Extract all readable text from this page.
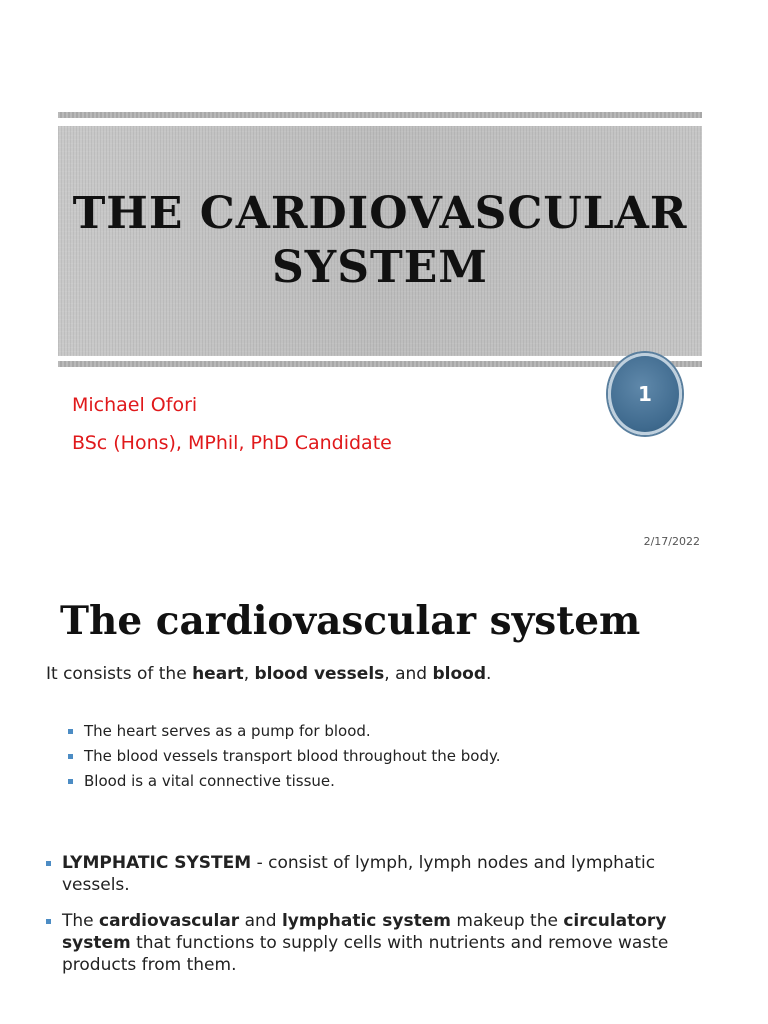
THE CARDIOVASCULAR
SYSTEM
1

Michael Ofori

BSc (Hons), MPhil, PhD Candidate

2/17/2022
The cardiovascular system

It consists of the heart, blood vessels, and blood.

The heart serves as a pump for blood.
The blood vessels transport blood throughout the body.
Blood is a vital connective tissue.
LYMPHATIC SYSTEM - consist of lymph, lymph nodes and lymphatic vessels.
The cardiovascular and lymphatic system makeup the circulatory system that functions to supply cells with nutrients and remove waste products from them.
